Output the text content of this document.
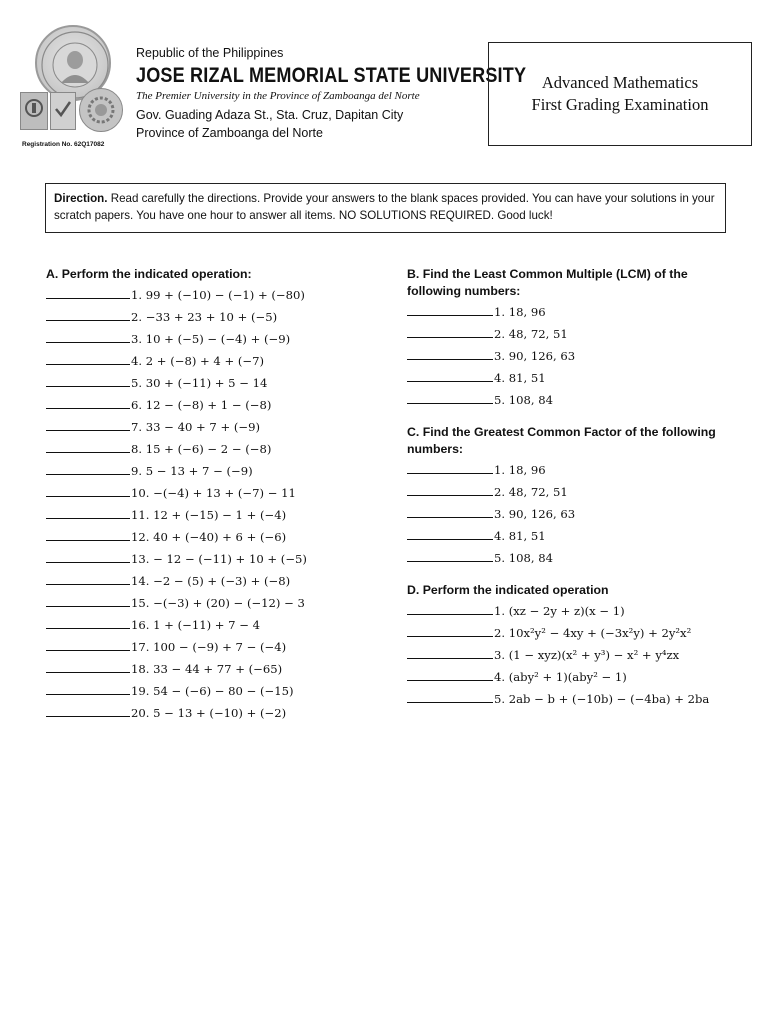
Registration No. 62Q17082
Republic of the Philippines
JOSE RIZAL MEMORIAL STATE UNIVERSITY
The Premier University in the Province of Zamboanga del Norte
Gov. Guading Adaza St., Sta. Cruz, Dapitan City
Province of Zamboanga del Norte
Advanced Mathematics
First Grading Examination
Direction. Read carefully the directions. Provide your answers to the blank spaces provided. You can have your solutions in your scratch papers. You have one hour to answer all items. NO SOLUTIONS REQUIRED. Good luck!
A. Perform the indicated operation:
1. 99 + (−10) − (−1) + (−80)
2. −33 + 23 + 10 + (−5)
3. 10 + (−5) − (−4) + (−9)
4. 2 + (−8) + 4 + (−7)
5. 30 + (−11) + 5 − 14
6. 12 − (−8) + 1 − (−8)
7. 33 − 40 + 7 + (−9)
8. 15 + (−6) − 2 − (−8)
9. 5 − 13 + 7 − (−9)
10. −(−4) + 13 + (−7) − 11
11. 12 + (−15) − 1 + (−4)
12. 40 + (−40) + 6 + (−6)
13. − 12 − (−11) + 10 + (−5)
14. −2 − (5) + (−3) + (−8)
15. −(−3) + (20) − (−12) − 3
16. 1 + (−11) + 7 − 4
17. 100 − (−9) + 7 − (−4)
18. 33 − 44 + 77 + (−65)
19. 54 − (−6) − 80 − (−15)
20. 5 − 13 + (−10) + (−2)
B. Find the Least Common Multiple (LCM) of the following numbers:
1. 18, 96
2. 48, 72, 51
3. 90, 126, 63
4. 81, 51
5. 108, 84
C. Find the Greatest Common Factor of the following numbers:
1. 18, 96
2. 48, 72, 51
3. 90, 126, 63
4. 81, 51
5. 108, 84
D. Perform the indicated operation
1. (xz − 2y + z)(x − 1)
2. 10x²y² − 4xy + (−3x²y) + 2y²x²
3. (1 − xyz)(x² + y³) − x² + y⁴zx
4. (aby² + 1)(aby² − 1)
5. 2ab − b + (−10b) − (−4ba) + 2ba
